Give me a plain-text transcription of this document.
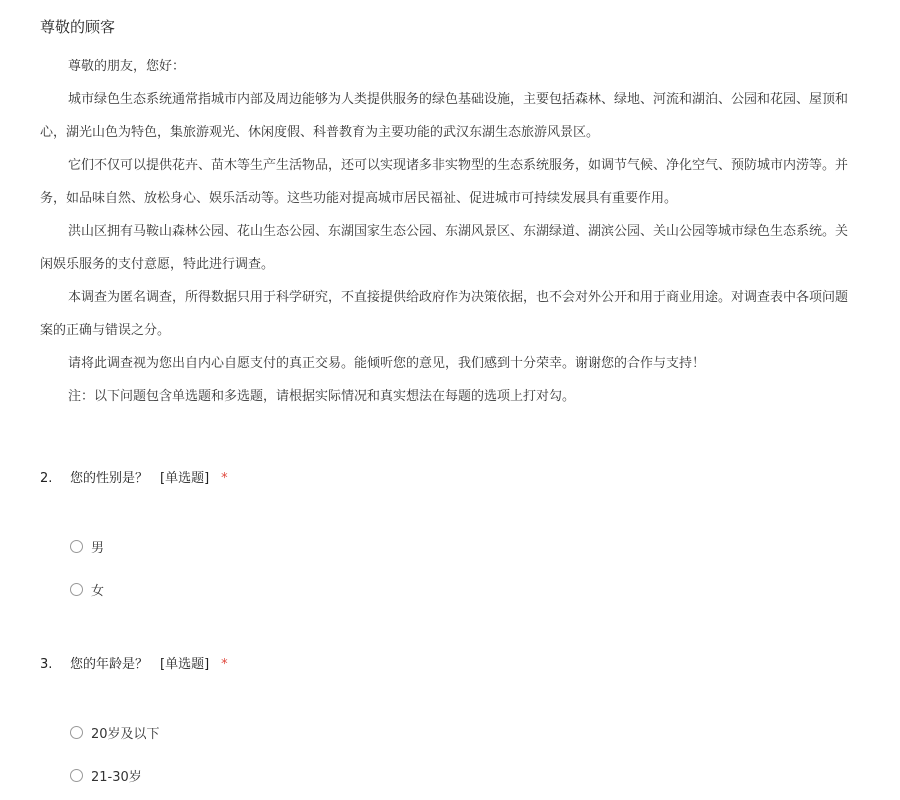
尊敬的顾客

尊敬的朋友，您好：

城市绿色生态系统通常指城市内部及周边能够为人类提供服务的绿色基础设施，主要包括森林、绿地、河流和湖泊、公园和花园、屋顶和

心，湖光山色为特色，集旅游观光、休闲度假、科普教育为主要功能的武汉东湖生态旅游风景区。

它们不仅可以提供花卉、苗木等生产生活物品，还可以实现诸多非实物型的生态系统服务，如调节气候、净化空气、预防城市内涝等。并

务，如品味自然、放松身心、娱乐活动等。这些功能对提高城市居民福祉、促进城市可持续发展具有重要作用。

洪山区拥有马鞍山森林公园、花山生态公园、东湖国家生态公园、东湖风景区、东湖绿道、湖滨公园、关山公园等城市绿色生态系统。关

闲娱乐服务的支付意愿，特此进行调查。

本调查为匿名调查，所得数据只用于科学研究，不直接提供给政府作为决策依据，也不会对外公开和用于商业用途。对调查表中各项问题

案的正确与错误之分。

请将此调查视为您出自内心自愿支付的真正交易。能倾听您的意见，我们感到十分荣幸。谢谢您的合作与支持！

注：以下问题包含单选题和多选题，请根据实际情况和真实想法在每题的选项上打对勾。

2. 您的性别是？ [单选题] *
男
女
3. 您的年龄是？ [单选题] *
20岁及以下
21-30岁
